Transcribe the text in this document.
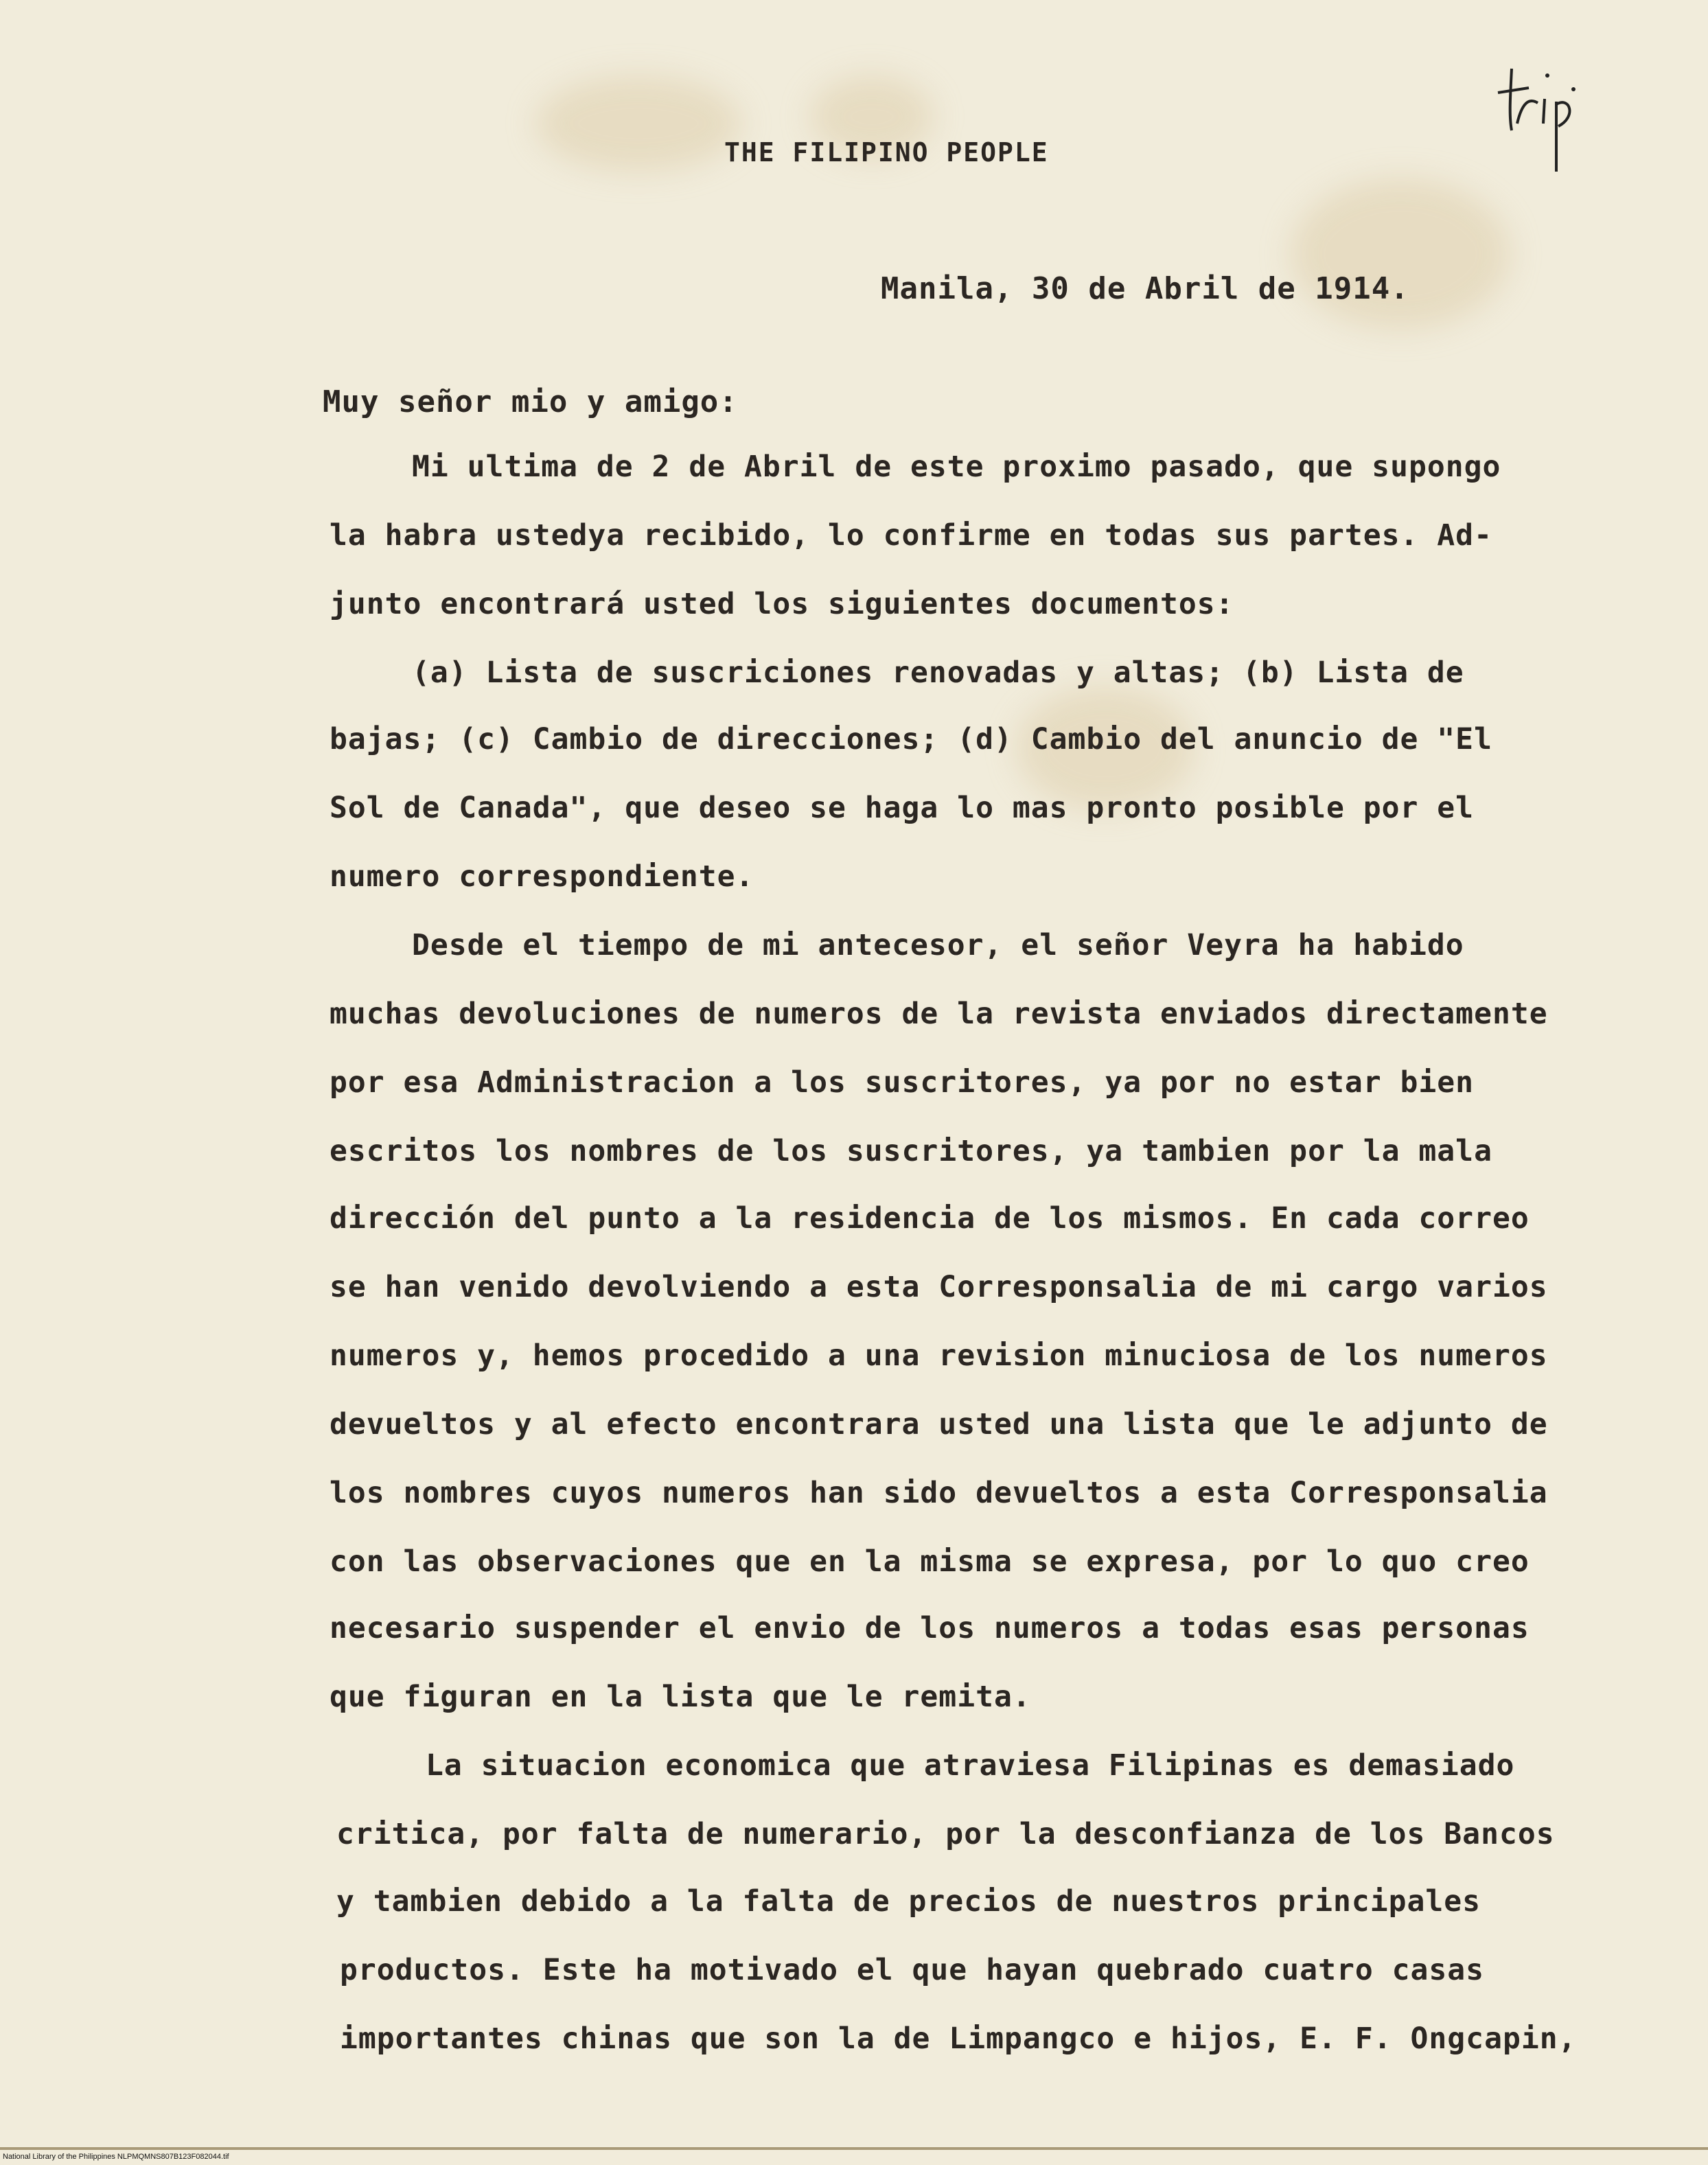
THE FILIPINO PEOPLE
Manila, 30 de Abril de 1914.
Muy señor mio y amigo:
Mi ultima de 2 de Abril de este proximo pasado, que supongo
la habra ustedya recibido, lo confirme en todas sus partes. Ad-
junto encontrará usted los siguientes documentos:
(a) Lista de suscriciones renovadas y altas; (b) Lista de
bajas; (c) Cambio de direcciones; (d) Cambio del anuncio de "El
Sol de Canada", que deseo se haga lo mas pronto posible por el
numero correspondiente.
Desde el tiempo de mi antecesor, el señor Veyra ha habido
muchas devoluciones de numeros de la revista enviados directamente
por esa Administracion a los suscritores, ya por no estar bien
escritos los nombres de los suscritores, ya tambien por la mala
dirección del punto a la residencia de los mismos. En cada correo
se han venido devolviendo a esta Corresponsalia de mi cargo varios
numeros y, hemos procedido a una revision minuciosa de los numeros
devueltos y al efecto encontrara usted una lista que le adjunto de
los nombres cuyos numeros han sido devueltos a esta Corresponsalia
con las observaciones que en la misma se expresa, por lo quo creo
necesario suspender el envio de los numeros a todas esas personas
que figuran en la lista que le remita.
La situacion economica que atraviesa Filipinas es demasiado
critica, por falta de numerario, por la desconfianza de los Bancos
y tambien debido a la falta de precios de nuestros principales
productos. Este ha motivado el que hayan quebrado cuatro casas
importantes chinas que son la de Limpangco e hijos, E. F. Ongcapin,
National Library of the Philippines NLPMQMNS807B123F082044.tif
